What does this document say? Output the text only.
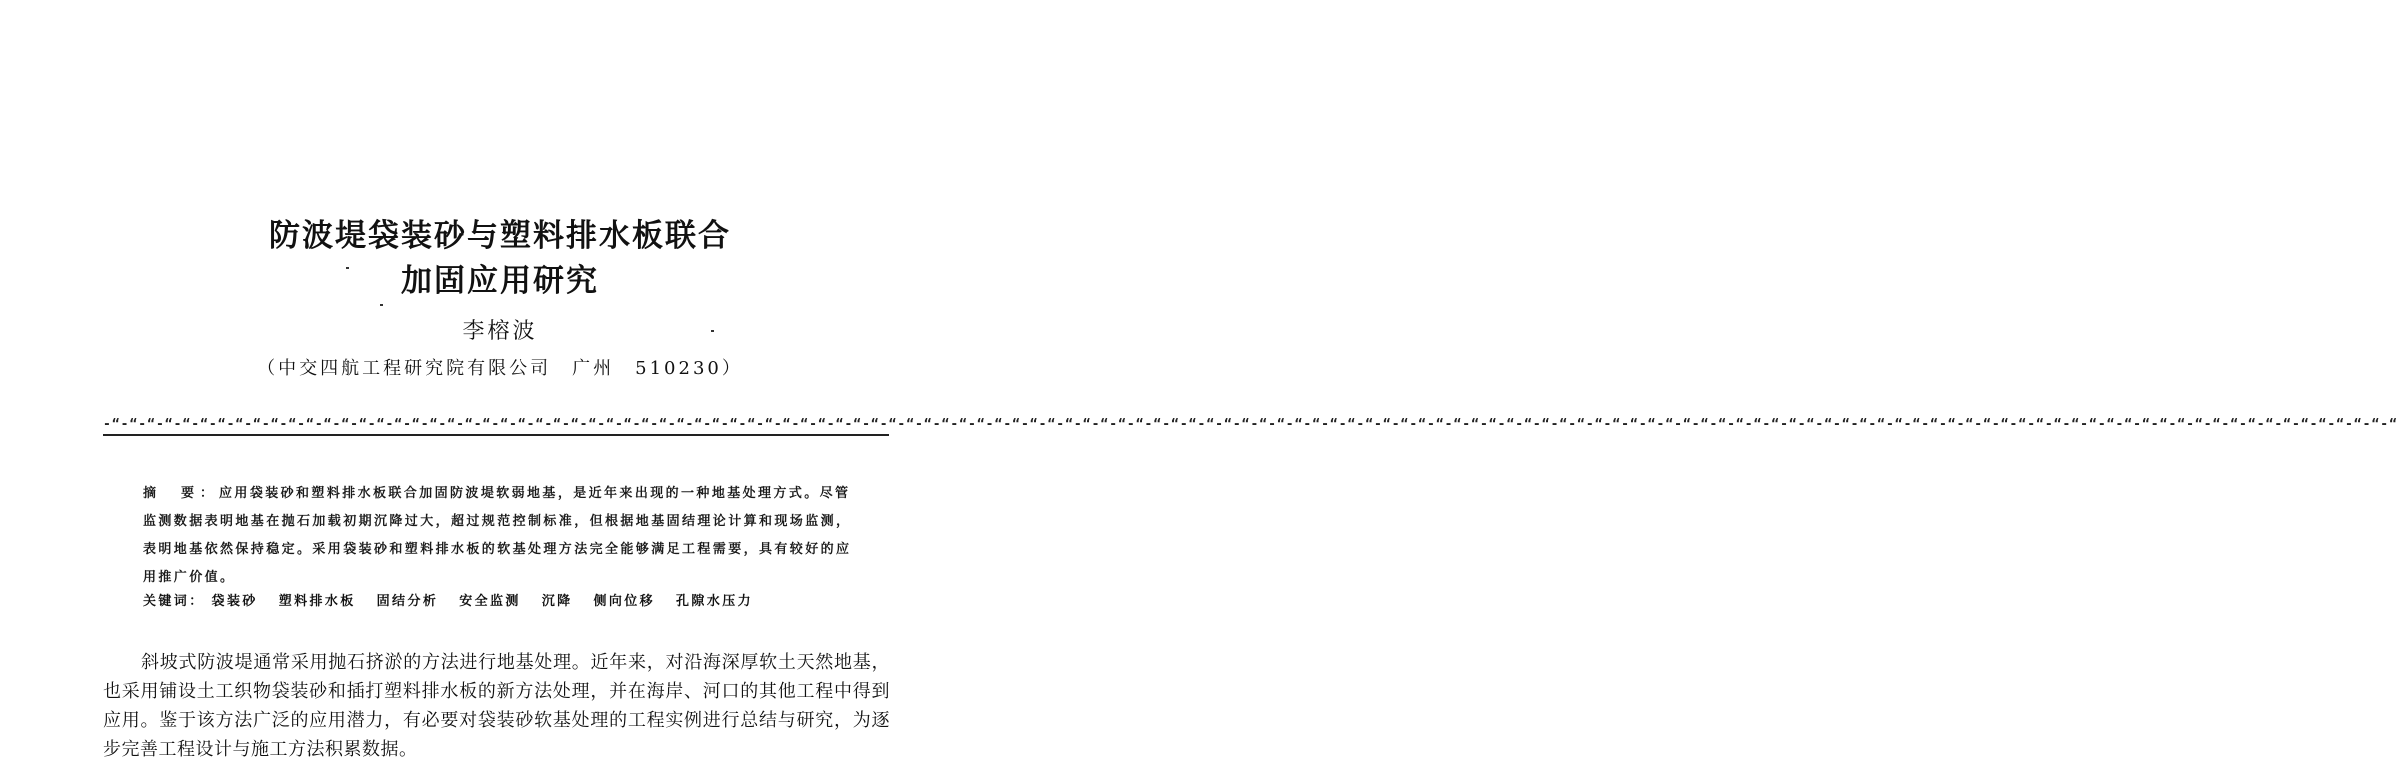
防波堤袋装砂与塑料排水板联合
加固应用研究
李榕波
（中交四航工程研究院有限公司　广州　510230）
-“-“-“-“-“-“-“-“-“-“-“-“-“-“-“-“-“-“-“-“-“-“-“-“-“-“-“-“-“-“-“-“-“-“-“-“-“-“-“-“-“-“-“-“-“-“-“-“-“-“-“-“-“-“-“-“-“-“-“-“-“-“-“-“-“-“-“-“-“-“-“-“-“-“-“-“-“-“-“-“-“-“-“-“-“-“-“-“-“-“-“-“-“-“-“-“-“-“-“-“-“-“-“-“-“-“-“-“-“-“-“-“-“-“-“-“-“-“-“-“-“-“-“-“-“-“-“-“-“-“
摘　要：应用袋装砂和塑料排水板联合加固防波堤软弱地基，是近年来出现的一种地基处理方式。尽管监测数据表明地基在抛石加载初期沉降过大，超过规范控制标准，但根据地基固结理论计算和现场监测，表明地基依然保持稳定。采用袋装砂和塑料排水板的软基处理方法完全能够满足工程需要，具有较好的应用推广价值。
关键词： 袋装砂 塑料排水板 固结分析 安全监测 沉降 侧向位移 孔隙水压力
斜坡式防波堤通常采用抛石挤淤的方法进行地基处理。近年来，对沿海深厚软土天然地基，也采用铺设土工织物袋装砂和插打塑料排水板的新方法处理，并在海岸、河口的其他工程中得到应用。鉴于该方法广泛的应用潜力，有必要对袋装砂软基处理的工程实例进行总结与研究，为逐步完善工程设计与施工方法积累数据。
